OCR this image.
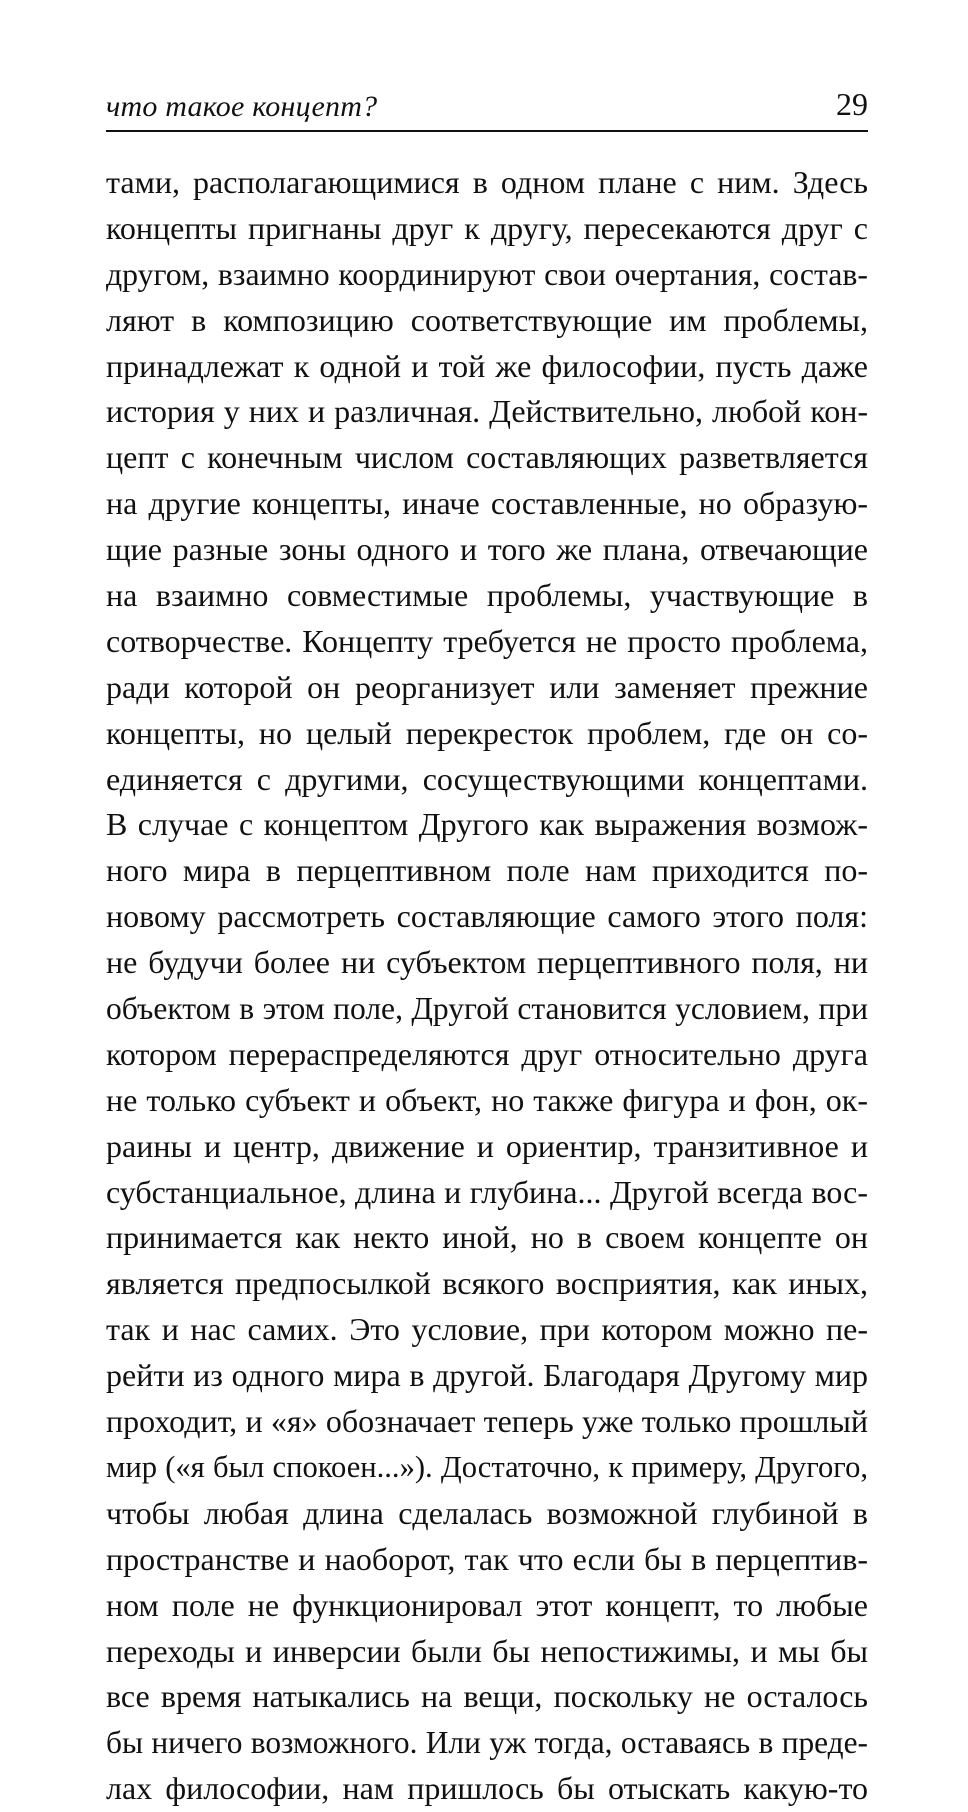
что такое концепт?	29
тами, располагающимися в одном плане с ним. Здесь
концепты пригнаны друг к другу, пересекаются друг с
другом, взаимно координируют свои очертания, состав-
ляют в композицию соответствующие им проблемы,
принадлежат к одной и той же философии, пусть даже
история у них и различная. Действительно, любой кон-
цепт с конечным числом составляющих разветвляется
на другие концепты, иначе составленные, но образую-
щие разные зоны одного и того же плана, отвечающие
на взаимно совместимые проблемы, участвующие в
сотворчестве. Концепту требуется не просто проблема,
ради которой он реорганизует или заменяет прежние
концепты, но целый перекресток проблем, где он со-
единяется с другими, сосуществующими концептами.
В случае с концептом Другого как выражения возмож-
ного мира в перцептивном поле нам приходится по-
новому рассмотреть составляющие самого этого поля:
не будучи более ни субъектом перцептивного поля, ни
объектом в этом поле, Другой становится условием, при
котором перераспределяются друг относительно друга
не только субъект и объект, но также фигура и фон, ок-
раины и центр, движение и ориентир, транзитивное и
субстанциальное, длина и глубина... Другой всегда вос-
принимается как некто иной, но в своем концепте он
является предпосылкой всякого восприятия, как иных,
так и нас самих. Это условие, при котором можно пе-
рейти из одного мира в другой. Благодаря Другому мир
проходит, и «я» обозначает теперь уже только прошлый
мир («я был спокоен...»). Достаточно, к примеру, Другого,
чтобы любая длина сделалась возможной глубиной в
пространстве и наоборот, так что если бы в перцептив-
ном поле не функционировал этот концепт, то любые
переходы и инверсии были бы непостижимы, и мы бы
все время натыкались на вещи, поскольку не осталось
бы ничего возможного. Или уж тогда, оставаясь в преде-
лах философии, нам пришлось бы отыскать какую-то
